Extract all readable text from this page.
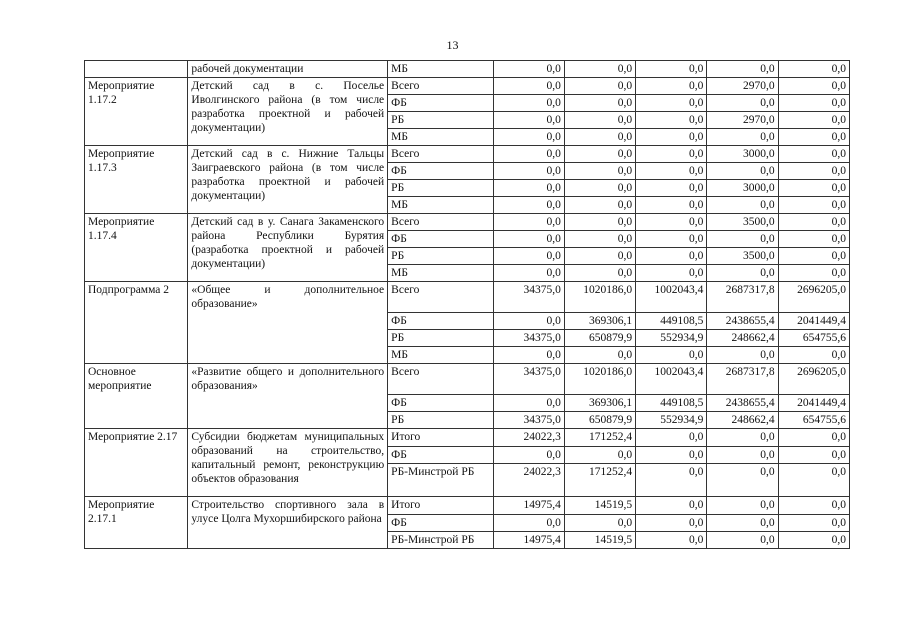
13
	рабочей документации	МБ	0,0	0,0	0,0	0,0	0,0
Мероприятие 1.17.2	Детский сад в с. Поселье Иволгинского района (в том числе разработка проектной и рабочей документации)	Всего	0,0	0,0	0,0	2970,0	0,0
		ФБ	0,0	0,0	0,0	0,0	0,0
		РБ	0,0	0,0	0,0	2970,0	0,0
		МБ	0,0	0,0	0,0	0,0	0,0
Мероприятие 1.17.3	Детский сад в с. Нижние Тальцы Заиграевского района (в том числе разработка проектной и рабочей документации)	Всего	0,0	0,0	0,0	3000,0	0,0
		ФБ	0,0	0,0	0,0	0,0	0,0
		РБ	0,0	0,0	0,0	3000,0	0,0
		МБ	0,0	0,0	0,0	0,0	0,0
Мероприятие 1.17.4	Детский сад в у. Санага Закаменского района Республики Бурятия (разработка проектной и рабочей документации)	Всего	0,0	0,0	0,0	3500,0	0,0
		ФБ	0,0	0,0	0,0	0,0	0,0
		РБ	0,0	0,0	0,0	3500,0	0,0
		МБ	0,0	0,0	0,0	0,0	0,0
Подпрограмма 2	«Общее и дополнительное образование»	Всего	34375,0	1020186,0	1002043,4	2687317,8	2696205,0
		ФБ	0,0	369306,1	449108,5	2438655,4	2041449,4
		РБ	34375,0	650879,9	552934,9	248662,4	654755,6
		МБ	0,0	0,0	0,0	0,0	0,0
Основное мероприятие	«Развитие общего и дополнительного образования»	Всего	34375,0	1020186,0	1002043,4	2687317,8	2696205,0
		ФБ	0,0	369306,1	449108,5	2438655,4	2041449,4
		РБ	34375,0	650879,9	552934,9	248662,4	654755,6
Мероприятие 2.17	Субсидии бюджетам муниципальных образований на строительство, капитальный ремонт, реконструкцию объектов образования	Итого	24022,3	171252,4	0,0	0,0	0,0
		ФБ	0,0	0,0	0,0	0,0	0,0
		РБ-Минстрой РБ	24022,3	171252,4	0,0	0,0	0,0
Мероприятие 2.17.1	Строительство спортивного зала в улусе Цолга Мухоршибирского района	Итого	14975,4	14519,5	0,0	0,0	0,0
		ФБ	0,0	0,0	0,0	0,0	0,0
		РБ-Минстрой РБ	14975,4	14519,5	0,0	0,0	0,0
